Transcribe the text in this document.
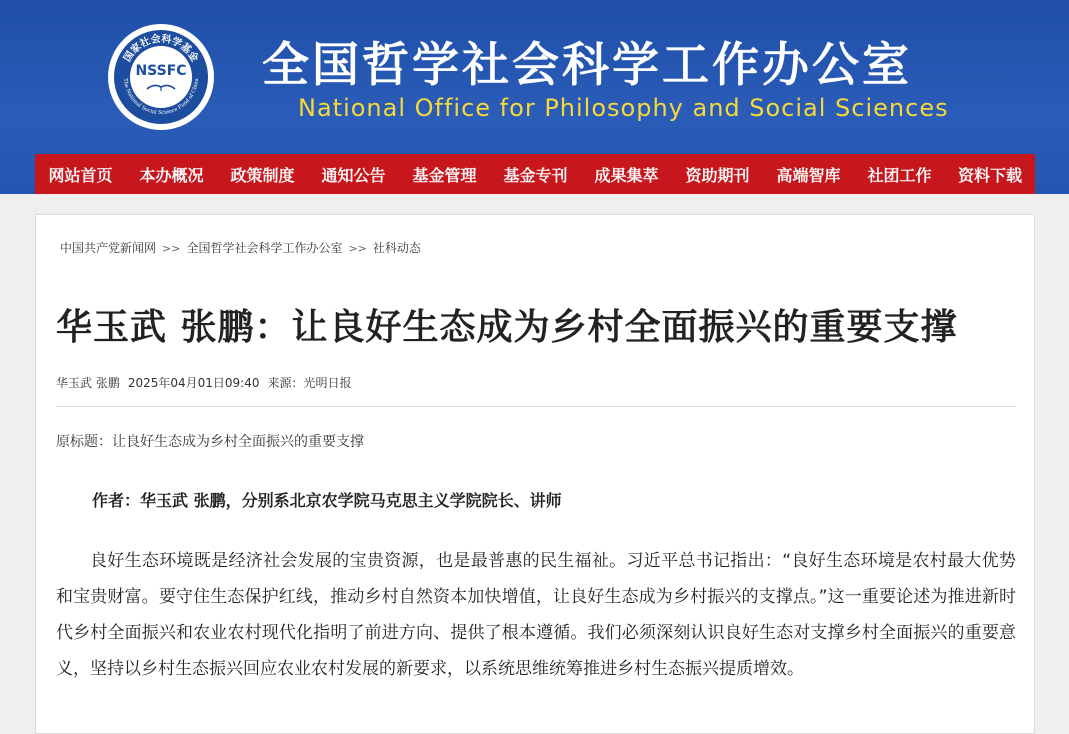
国家社会科学基金
The National Social Science Fund of China
NSSFC 全国哲学社会科学工作办公室
National Office for Philosophy and Social Sciences
网站首页	本办概况	政策制度	通知公告	基金管理	基金专刊	成果集萃	资助期刊	高端智库	社团工作	资料下载
中国共产党新闻网 >> 全国哲学社会科学工作办公室 >> 社科动态
华玉武 张鹏：让良好生态成为乡村全面振兴的重要支撑
华玉武 张鹏 2025年04月01日09:40 来源：光明日报
原标题：让良好生态成为乡村全面振兴的重要支撑
作者：华玉武 张鹏，分别系北京农学院马克思主义学院院长、讲师

良好生态环境既是经济社会发展的宝贵资源，也是最普惠的民生福祉。习近平总书记指出：“良好生态环境是农村最大优势和宝贵财富。要守住生态保护红线，推动乡村自然资本加快增值，让良好生态成为乡村振兴的支撑点。”这一重要论述为推进新时代乡村全面振兴和农业农村现代化指明了前进方向、提供了根本遵循。我们必须深刻认识良好生态对支撑乡村全面振兴的重要意义，坚持以乡村生态振兴回应农业农村发展的新要求，以系统思维统筹推进乡村生态振兴提质增效。
